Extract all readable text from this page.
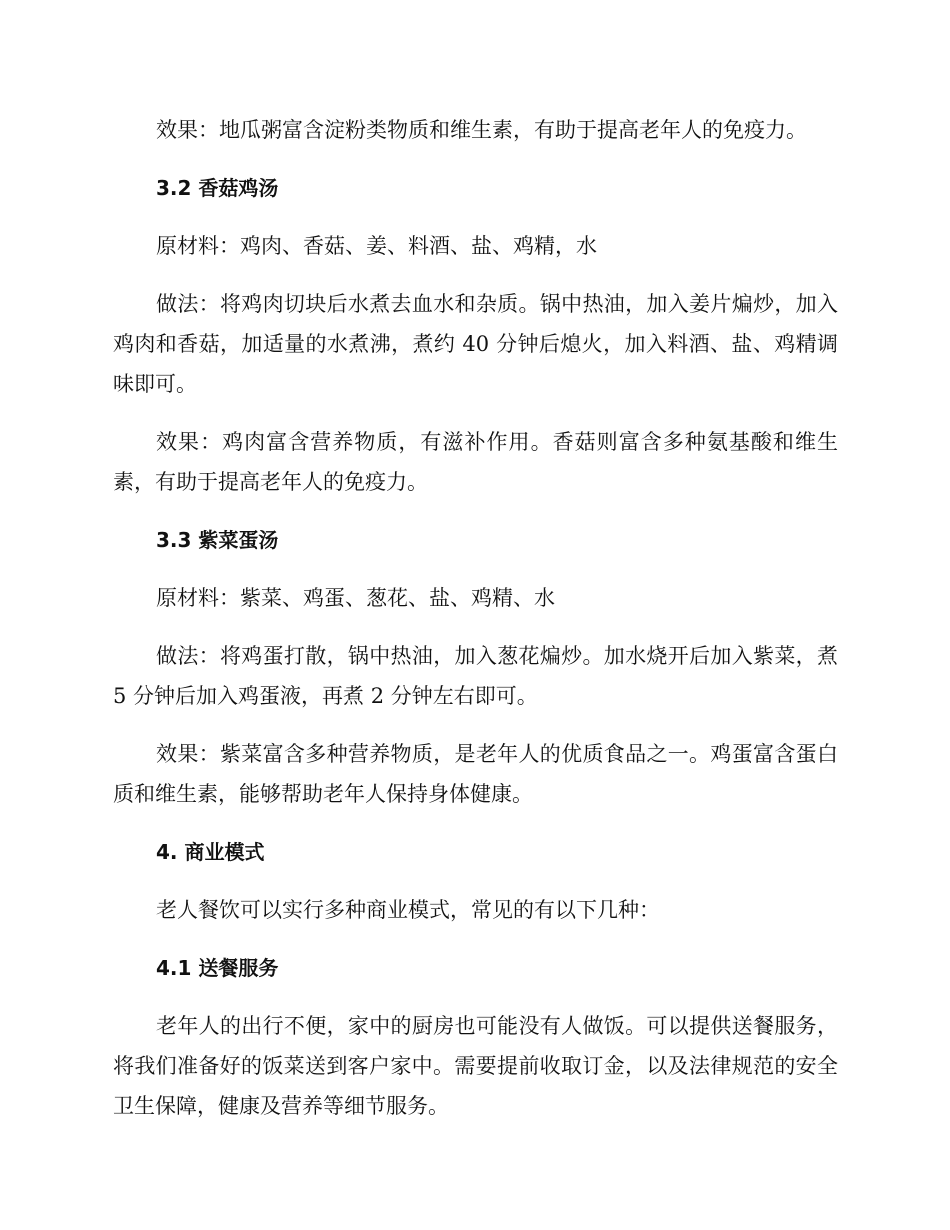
效果：地瓜粥富含淀粉类物质和维生素，有助于提高老年人的免疫力。

3.2 香菇鸡汤

原材料：鸡肉、香菇、姜、料酒、盐、鸡精，水

做法：将鸡肉切块后水煮去血水和杂质。锅中热油，加入姜片煸炒，加入鸡肉和香菇，加适量的水煮沸，煮约 40 分钟后熄火，加入料酒、盐、鸡精调味即可。

效果：鸡肉富含营养物质，有滋补作用。香菇则富含多种氨基酸和维生素，有助于提高老年人的免疫力。

3.3 紫菜蛋汤

原材料：紫菜、鸡蛋、葱花、盐、鸡精、水

做法：将鸡蛋打散，锅中热油，加入葱花煸炒。加水烧开后加入紫菜，煮 5 分钟后加入鸡蛋液，再煮 2 分钟左右即可。

效果：紫菜富含多种营养物质，是老年人的优质食品之一。鸡蛋富含蛋白质和维生素，能够帮助老年人保持身体健康。

4. 商业模式

老人餐饮可以实行多种商业模式，常见的有以下几种：

4.1 送餐服务

老年人的出行不便，家中的厨房也可能没有人做饭。可以提供送餐服务，将我们准备好的饭菜送到客户家中。需要提前收取订金，以及法律规范的安全卫生保障，健康及营养等细节服务。
